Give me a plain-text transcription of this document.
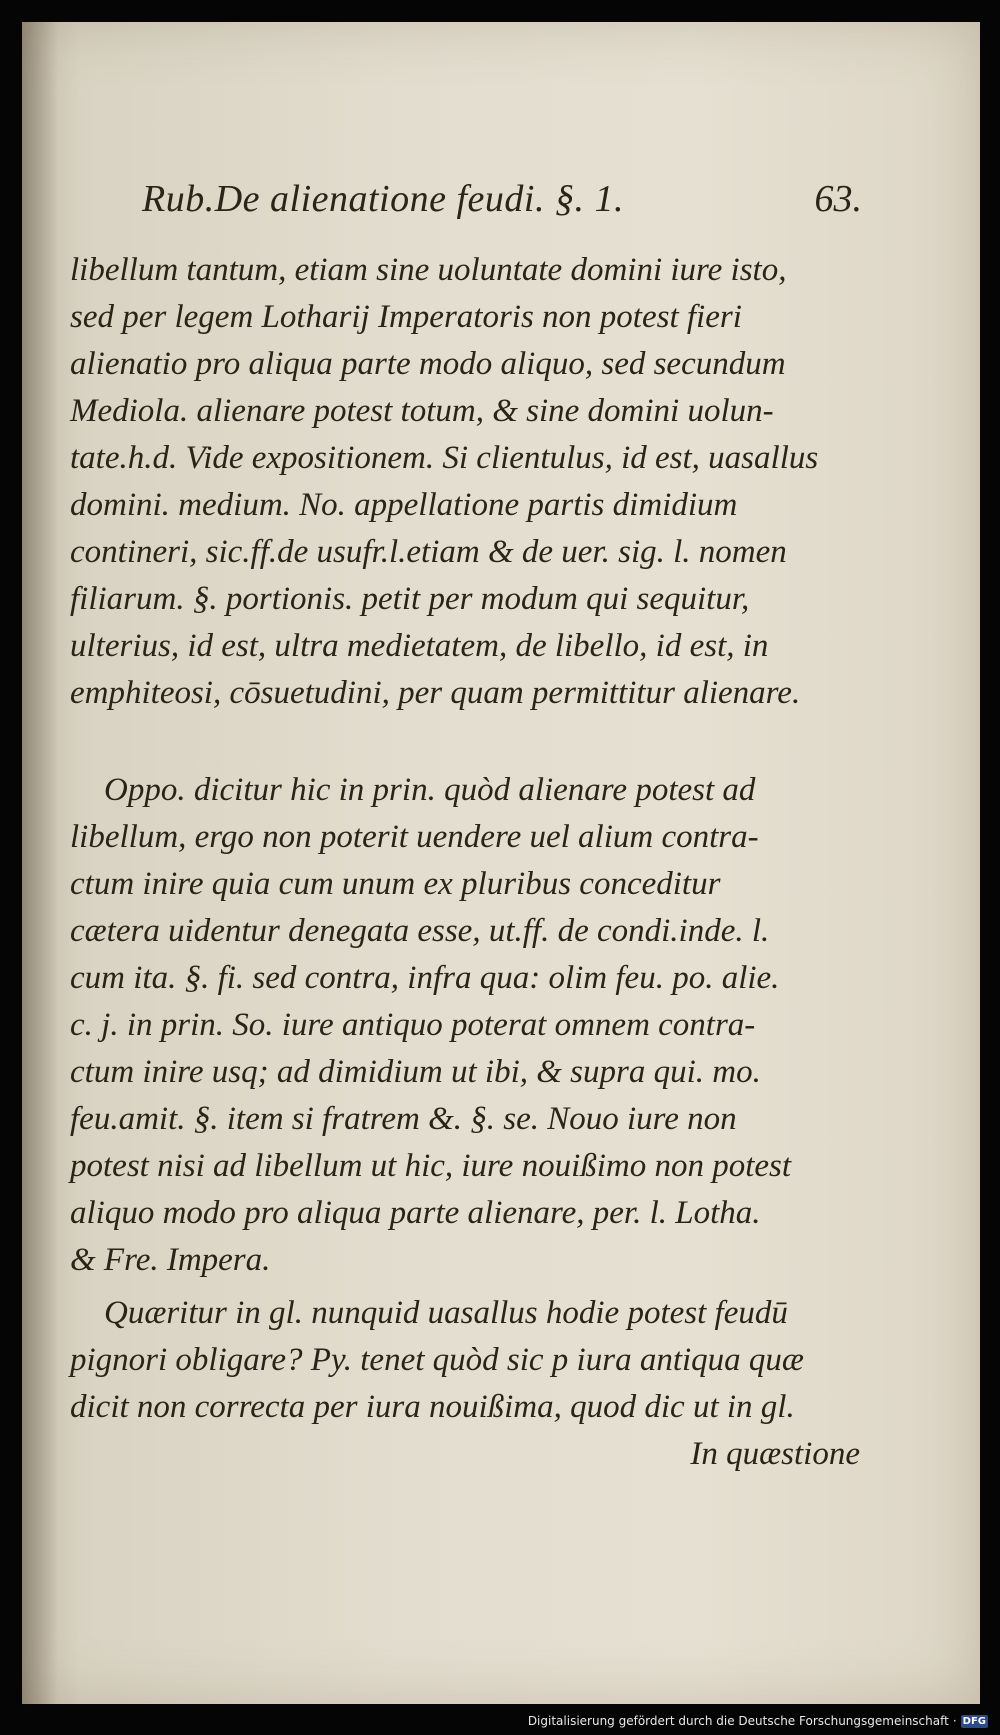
Rub.De alienatione feudi. §. 1.	63.

libellum tantum, etiam sine uoluntate domini iure isto,
sed per legem Lotharij Imperatoris non potest fieri
alienatio pro aliqua parte modo aliquo, sed secundum
Mediola. alienare potest totum, & sine domini uolun-
tate.h.d. Vide expositionem. Si clientulus, id est, uasallus
domini. medium. No. appellatione partis dimidium
contineri, sic.ff.de usufr.l.etiam & de uer. sig. l. nomen
filiarum. §. portionis. petit per modum qui sequitur,
ulterius, id est, ultra medietatem, de libello, id est, in
emphiteosi, cōsuetudini, per quam permittitur alienare.

Oppo. dicitur hic in prin. quòd alienare potest ad
libellum, ergo non poterit uendere uel alium contra-
ctum inire quia cum unum ex pluribus conceditur
cætera uidentur denegata esse, ut.ff. de condi.inde. l.
cum ita. §. fi. sed contra, infra qua: olim feu. po. alie.
c. j. in prin. So. iure antiquo poterat omnem contra-
ctum inire usq; ad dimidium ut ibi, & supra qui. mo.
feu.amit. §. item si fratrem &. §. se. Nouo iure non
potest nisi ad libellum ut hic, iure nouißimo non potest
aliquo modo pro aliqua parte alienare, per. l. Lotha.
& Fre. Impera.

Quæritur in gl. nunquid uasallus hodie potest feudū
pignori obligare? Py. tenet quòd sic p iura antiqua quæ
dicit non correcta per iura nouißima, quod dic ut in gl.
In quæstione

Digitalisierung gefördert durch die Deutsche Forschungsgemeinschaft · DFG
